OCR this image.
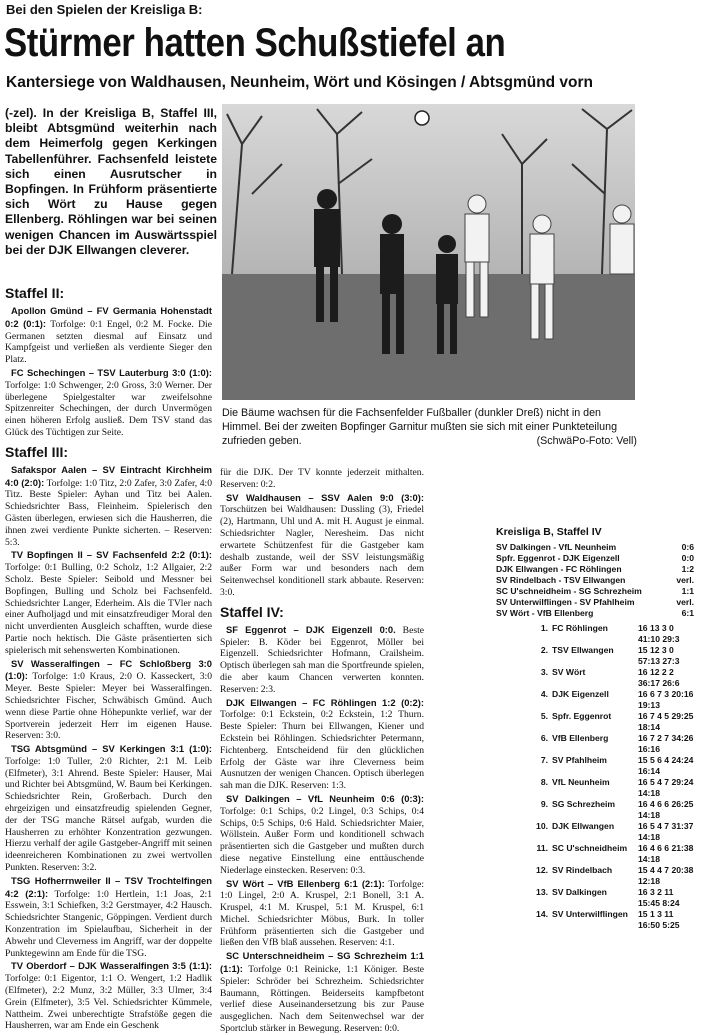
Bei den Spielen der Kreisliga B:
Stürmer hatten Schußstiefel an
Kantersiege von Waldhausen, Neunheim, Wört und Kösingen / Abtsgmünd vorn
(-zel). In der Kreisliga B, Staffel III, bleibt Abtsgmünd weiterhin nach dem Heimerfolg gegen Kerkingen Tabellenführer. Fachsenfeld leistete sich einen Ausrutscher in Bopfingen. In Frühform präsentierte sich Wört zu Hause gegen Ellenberg. Röhlingen war bei seinen wenigen Chancen im Auswärtsspiel bei der DJK Ellwangen cleverer.
Die Bäume wachsen für die Fachsenfelder Fußballer (dunkler Dreß) nicht in den Himmel. Bei der zweiten Bopfinger Garnitur mußten sie sich mit einer Punkteteilung zufrieden geben.	(SchwäPo-Foto: Vell)
Staffel II:
Apollon Gmünd – FV Germania Hohenstadt 0:2 (0:1): Torfolge: 0:1 Engel, 0:2 M. Focke. Die Germanen setzten diesmal auf Einsatz und Kampfgeist und verließen als verdiente Sieger den Platz.
FC Schechingen – TSV Lauterburg 3:0 (1:0): Torfolge: 1:0 Schwenger, 2:0 Gross, 3:0 Werner. Der überlegene Spielgestalter war zweifelsohne Spitzenreiter Schechingen, der durch Unvermögen einen höheren Erfolg ausließ. Dem TSV stand das Glück des Tüchtigen zur Seite.
Staffel III:
Safakspor Aalen – SV Eintracht Kirchheim 4:0 (2:0): Torfolge: 1:0 Titz, 2:0 Zafer, 3:0 Zafer, 4:0 Titz. Beste Spieler: Ayhan und Titz bei Aalen. Schiedsrichter Bass, Fleinheim. Spielerisch den Gästen überlegen, erwiesen sich die Hausherren, die ihnen zwei verdiente Punkte sicherten. – Reserven: 5:3.
TV Bopfingen II – SV Fachsenfeld 2:2 (0:1): Torfolge: 0:1 Bulling, 0:2 Scholz, 1:2 Allgaier, 2:2 Scholz. Beste Spieler: Seibold und Messner bei Bopfingen, Bulling und Scholz bei Fachsenfeld. Schiedsrichter Langer, Ederheim. Als die TVler nach einer Aufholjagd und mit einsatzfreudiger Moral den nicht unverdienten Ausgleich schafften, wurde diese Partie noch hektisch. Die Gäste präsentierten sich spielerisch mit sehenswerten Kombinationen.
SV Wasseralfingen – FC Schloßberg 3:0 (1:0): Torfolge: 1:0 Kraus, 2:0 O. Kasseckert, 3:0 Meyer. Beste Spieler: Meyer bei Wasseralfingen. Schiedsrichter Fischer, Schwäbisch Gmünd. Auch wenn diese Partie ohne Höhepunkte verlief, war der Sportverein jederzeit Herr im eigenen Hause. Reserven: 3:0.
TSG Abtsgmünd – SV Kerkingen 3:1 (1:0): Torfolge: 1:0 Tuller, 2:0 Richter, 2:1 M. Leib (Elfmeter), 3:1 Ahrend. Beste Spieler: Hauser, Mai und Richter bei Abtsgmünd, W. Baum bei Kerkingen. Schiedsrichter Rein, Großerbach. Durch den ehrgeizigen und einsatzfreudig spielenden Gegner, der der TSG manche Rätsel aufgab, wurden die Hausherren zu erhöhter Konzentration gezwungen. Hierzu verhalf der agile Gastgeber-Angriff mit seinen ideenreicheren Kombinationen zu zwei wertvollen Punkten. Reserven: 3:2.
TSG Hofherrnweiler II – TSV Trochtelfingen 4:2 (2:1): Torfolge: 1:0 Hertlein, 1:1 Joas, 2:1 Esswein, 3:1 Schiefken, 3:2 Gerstmayer, 4:2 Hausch. Schiedsrichter Stangenic, Göppingen. Verdient durch Konzentration im Spielaufbau, Sicherheit in der Abwehr und Cleverness im Angriff, war der doppelte Punktegewinn am Ende für die TSG.
TV Oberdorf – DJK Wasseralfingen 3:5 (1:1): Torfolge: 0:1 Eigentor, 1:1 O. Wengert, 1:2 Hadlik (Elfmeter), 2:2 Munz, 3:2 Müller, 3:3 Ulmer, 3:4 Grein (Elfmeter), 3:5 Vel. Schiedsrichter Kümmele, Nattheim. Zwei unberechtigte Strafstöße gegen die Hausherren, war am Ende ein Geschenk
für die DJK. Der TV konnte jederzeit mithalten. Reserven: 0:2.
SV Waldhausen – SSV Aalen 9:0 (3:0): Torschützen bei Waldhausen: Dussling (3), Friedel (2), Hartmann, Uhl und A. mit H. August je einmal. Schiedsrichter Nagler, Neresheim. Das nicht erwartete Schützenfest für die Gastgeber kam deshalb zustande, weil der SSV leistungsmäßig außer Form war und besonders nach dem Seitenwechsel konditionell stark abbaute. Reserven: 3:0.
Staffel IV:
SF Eggenrot – DJK Eigenzell 0:0. Beste Spieler: B. Köder bei Eggenrot, Möller bei Eigenzell. Schiedsrichter Hofmann, Crailsheim. Optisch überlegen sah man die Sportfreunde spielen, die aber kaum Chancen verwerten konnten. Reserven: 2:3.
DJK Ellwangen – FC Röhlingen 1:2 (0:2): Torfolge: 0:1 Eckstein, 0:2 Eckstein, 1:2 Thurn. Beste Spieler: Thurn bei Ellwangen, Kiener und Eckstein bei Röhlingen. Schiedsrichter Petermann, Fichtenberg. Entscheidend für den glücklichen Erfolg der Gäste war ihre Cleverness beim Ausnutzen der wenigen Chancen. Optisch überlegen sah man die DJK. Reserven: 1:3.
SV Dalkingen – VfL Neunheim 0:6 (0:3): Torfolge: 0:1 Schips, 0:2 Lingel, 0:3 Schips, 0:4 Schips, 0:5 Schips, 0:6 Hald. Schiedsrichter Maier, Wöllstein. Außer Form und konditionell schwach präsentierten sich die Gastgeber und mußten durch diese negative Einstellung eine enttäuschende Niederlage einstecken. Reserven: 0:3.
SV Wört – VfB Ellenberg 6:1 (2:1): Torfolge: 1:0 Lingel, 2:0 A. Kruspel, 2:1 Bonell, 3:1 A. Kruspel, 4:1 M. Kruspel, 5:1 M. Kruspel, 6:1 Michel. Schiedsrichter Möbus, Burk. In toller Frühform präsentierten sich die Gastgeber und ließen den VfB blaß aussehen. Reserven: 4:1.
SC Unterschneidheim – SG Schrezheim 1:1 (1:1): Torfolge 0:1 Reinicke, 1:1 Königer. Beste Spieler: Schröder bei Schrezheim. Schiedsrichter Baumann, Röttingen. Beiderseits kampfbetont verlief diese Auseinandersetzung bis zur Pause ausgeglichen. Nach dem Seitenwechsel war der Sportclub stärker in Bewegung. Reserven: 0:0.
Kreisliga B, Staffel IV
SV Dalkingen - VfL Neunheim	0:6
Spfr. Eggenrot - DJK Eigenzell	0:0
DJK Ellwangen - FC Röhlingen	1:2
SV Rindelbach - TSV Ellwangen	verl.
SC U'schneidheim - SG Schrezheim	1:1
SV Unterwilflingen - SV Pfahlheim	verl.
SV Wört - VfB Ellenberg	6:1
1. FC Röhlingen	16 13 3 0 41:10 29:3
2. TSV Ellwangen	15 12 3 0 57:13 27:3
3. SV Wört	16 12 2 2 36:17 26:6
4. DJK Eigenzell	16 6 7 3 20:16 19:13
5. Spfr. Eggenrot	16 7 4 5 29:25 18:14
6. VfB Ellenberg	16 7 2 7 34:26 16:16
7. SV Pfahlheim	15 5 6 4 24:24 16:14
8. VfL Neunheim	16 5 4 7 29:24 14:18
9. SG Schrezheim	16 4 6 6 26:25 14:18
10. DJK Ellwangen	16 5 4 7 31:37 14:18
11. SC U'schneidheim	16 4 6 6 21:38 14:18
12. SV Rindelbach	15 4 4 7 20:38 12:18
13. SV Dalkingen	16 3 2 11 15:45 8:24
14. SV Unterwilflingen	15 1 3 11 16:50 5:25
